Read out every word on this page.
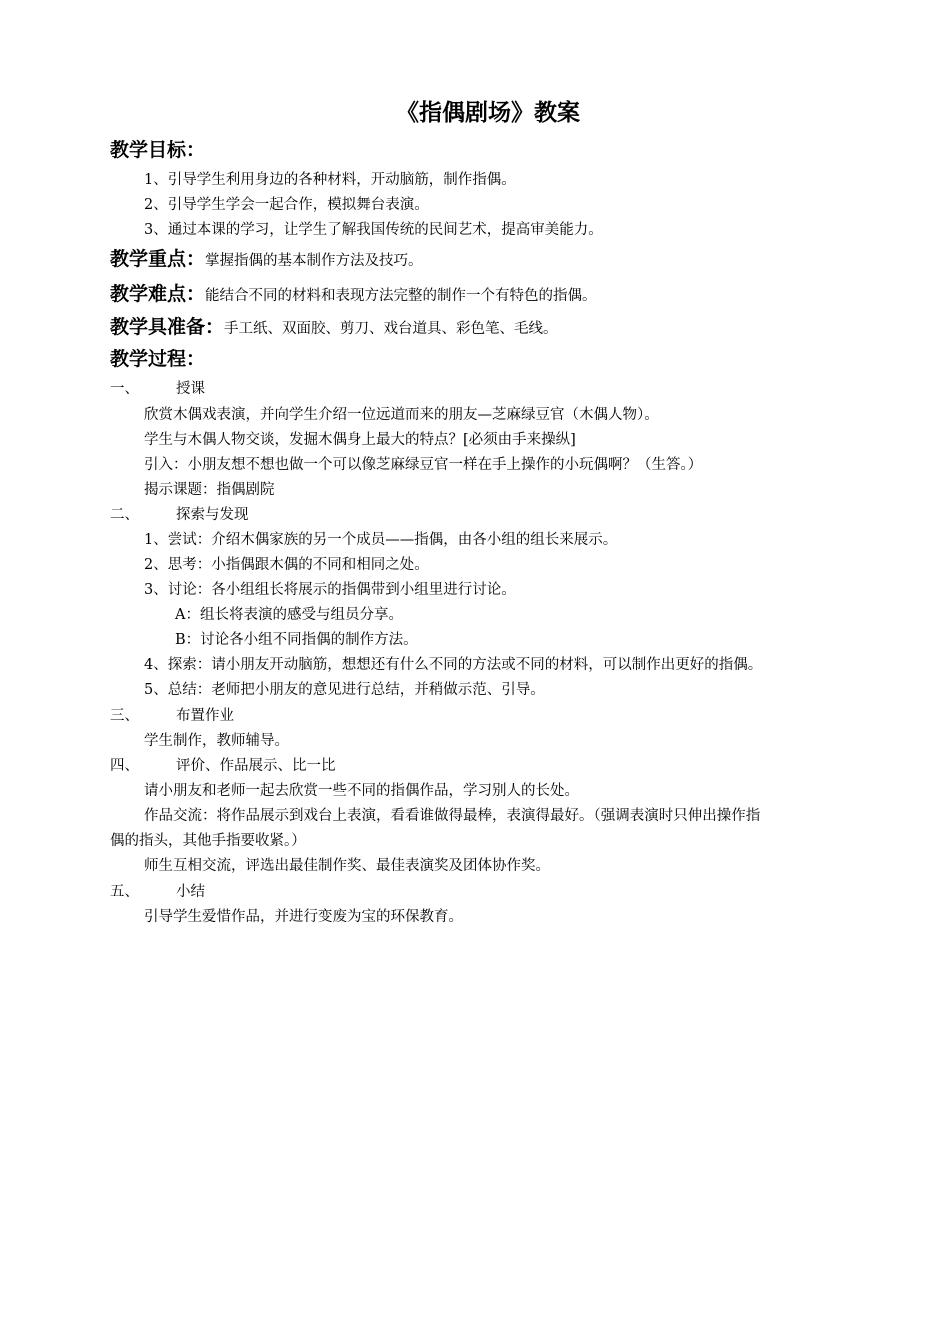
《指偶剧场》教案
教学目标：
1、引导学生利用身边的各种材料，开动脑筋，制作指偶。
2、引导学生学会一起合作，模拟舞台表演。
3、通过本课的学习，让学生了解我国传统的民间艺术，提高审美能力。
教学重点：掌握指偶的基本制作方法及技巧。
教学难点：能结合不同的材料和表现方法完整的制作一个有特色的指偶。
教学具准备：手工纸、双面胶、剪刀、戏台道具、彩色笔、毛线。
教学过程：
一、	授课
欣赏木偶戏表演，并向学生介绍一位远道而来的朋友—芝麻绿豆官（木偶人物）。
学生与木偶人物交谈，发掘木偶身上最大的特点？[必须由手来操纵]
引入：小朋友想不想也做一个可以像芝麻绿豆官一样在手上操作的小玩偶啊？（生答。）
揭示课题：指偶剧院
二、	探索与发现
1、尝试：介绍木偶家族的另一个成员——指偶，由各小组的组长来展示。
2、思考：小指偶跟木偶的不同和相同之处。
3、讨论：各小组组长将展示的指偶带到小组里进行讨论。
A：组长将表演的感受与组员分享。
B：讨论各小组不同指偶的制作方法。
4、探索：请小朋友开动脑筋，想想还有什么不同的方法或不同的材料，可以制作出更好的指偶。
5、总结：老师把小朋友的意见进行总结，并稍做示范、引导。
三、	布置作业
学生制作，教师辅导。
四、	评价、作品展示、比一比
请小朋友和老师一起去欣赏一些不同的指偶作品，学习别人的长处。
作品交流：将作品展示到戏台上表演，看看谁做得最棒，表演得最好。（强调表演时只伸出操作指
偶的指头，其他手指要收紧。）
师生互相交流，评选出最佳制作奖、最佳表演奖及团体协作奖。
五、	小结
引导学生爱惜作品，并进行变废为宝的环保教育。
